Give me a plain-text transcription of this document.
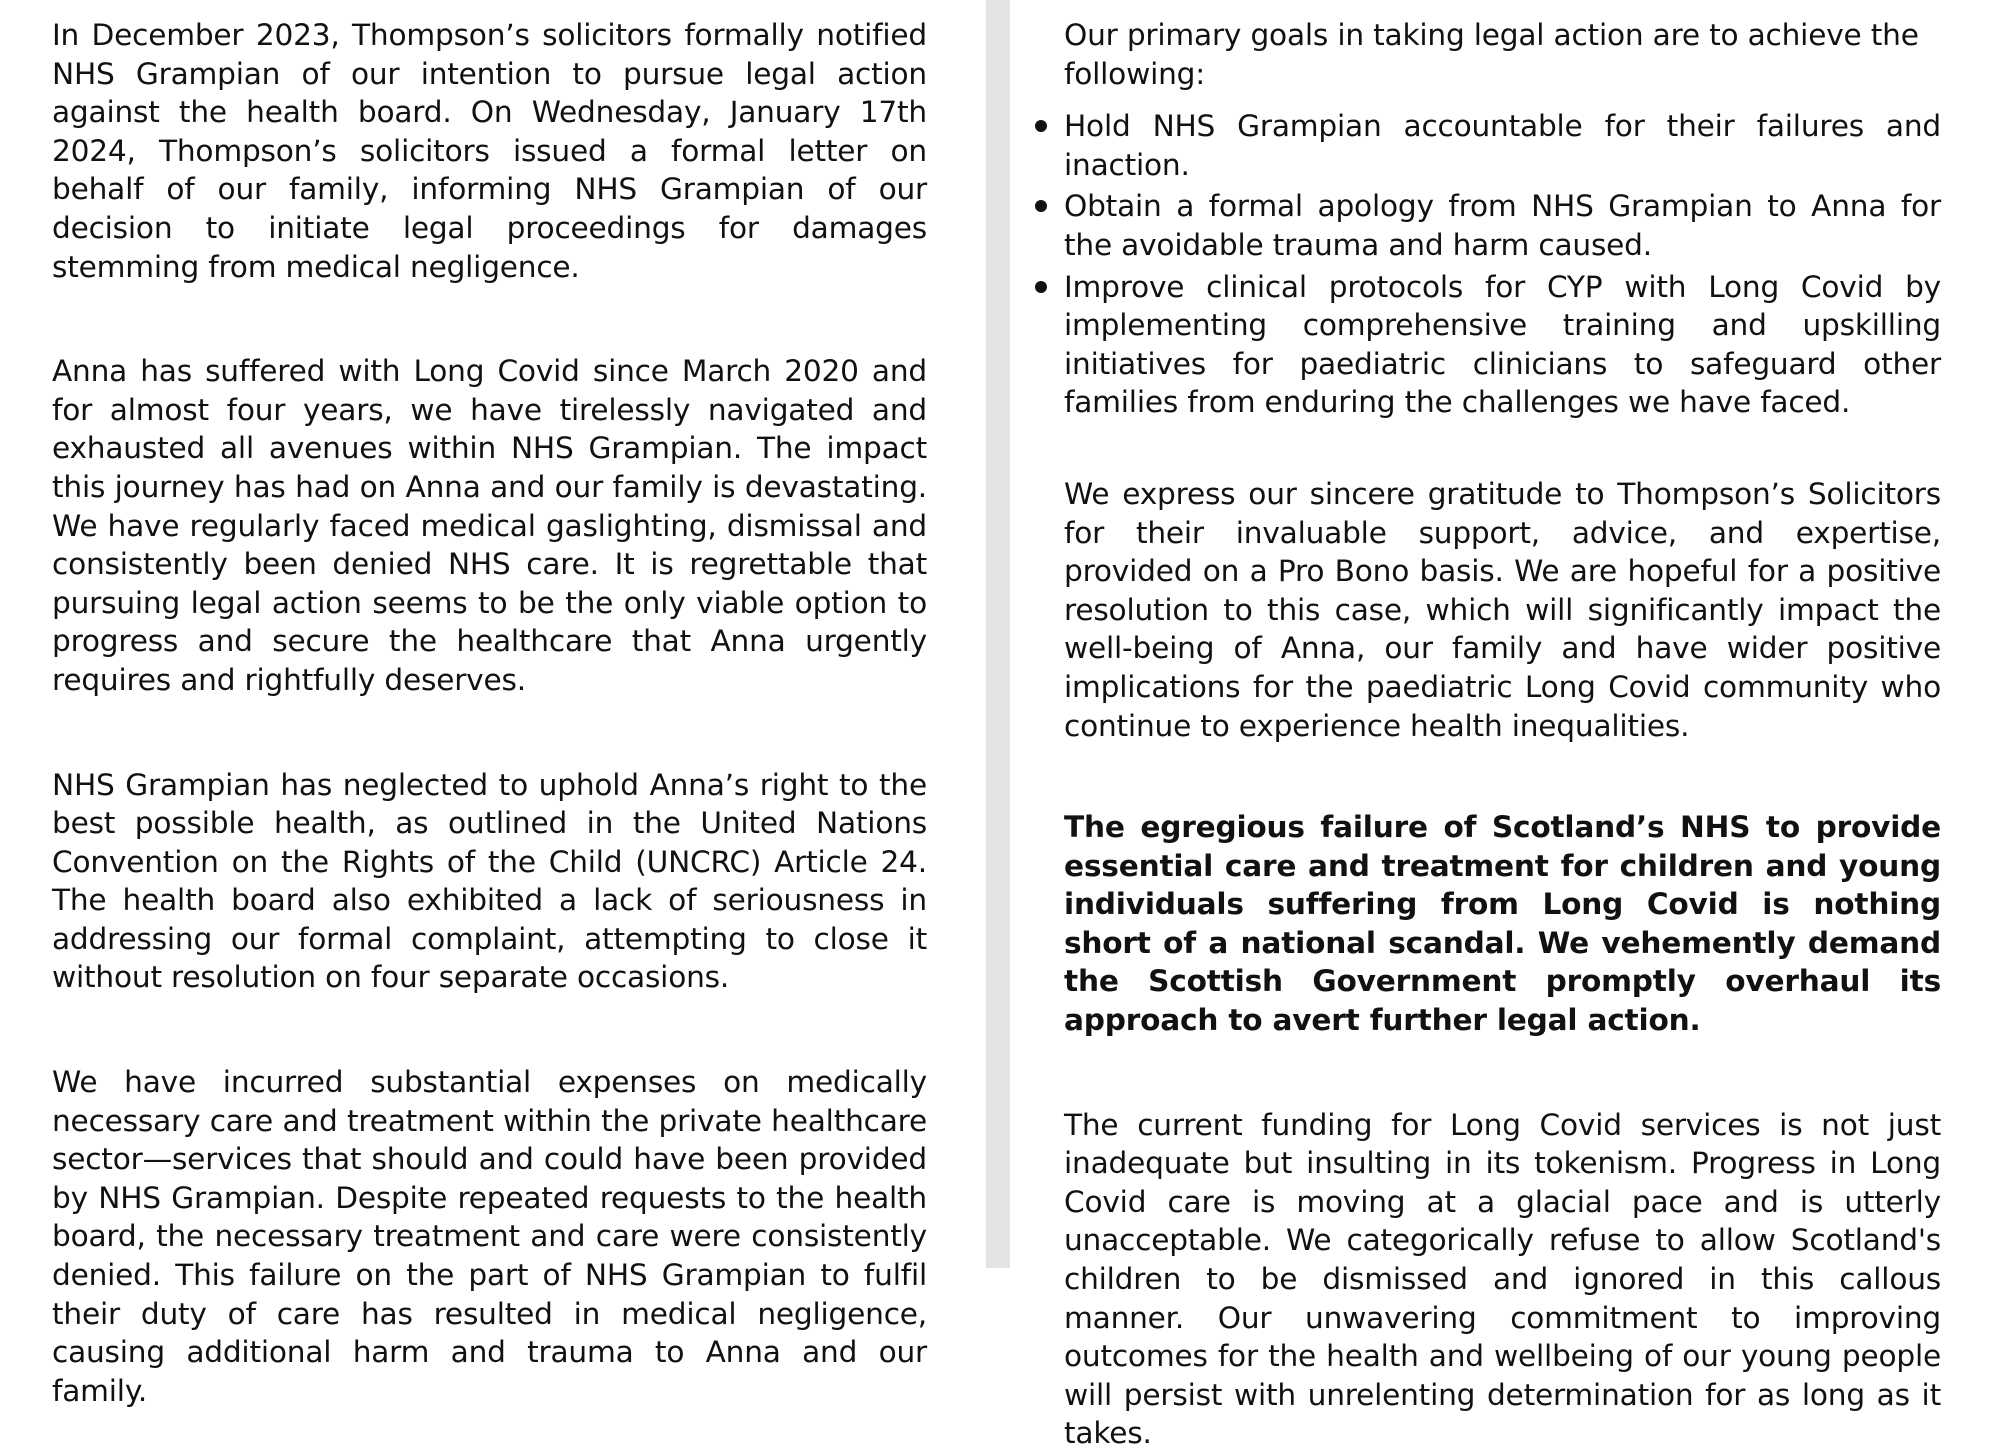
In December 2023, Thompson’s solicitors formally notified NHS Grampian of our intention to pursue legal action against the health board. On Wednesday, January 17th 2024, Thompson’s solicitors issued a formal letter on behalf of our family, informing NHS Grampian of our decision to initiate legal proceedings for damages stemming from medical negligence.

Anna has suffered with Long Covid since March 2020 and for almost four years, we have tirelessly navigated and exhausted all avenues within NHS Grampian. The impact this journey has had on Anna and our family is devastating. We have regularly faced medical gaslighting, dismissal and consistently been denied NHS care. It is regrettable that pursuing legal action seems to be the only viable option to progress and secure the healthcare that Anna urgently requires and rightfully deserves.

NHS Grampian has neglected to uphold Anna’s right to the best possible health, as outlined in the United Nations Convention on the Rights of the Child (UNCRC) Article 24. The health board also exhibited a lack of seriousness in addressing our formal complaint, attempting to close it without resolution on four separate occasions.

We have incurred substantial expenses on medically necessary care and treatment within the private healthcare sector—services that should and could have been provided by NHS Grampian. Despite repeated requests to the health board, the necessary treatment and care were consistently denied. This failure on the part of NHS Grampian to fulfil their duty of care has resulted in medical negligence, causing additional harm and trauma to Anna and our family.

Our primary goals in taking legal action are to achieve the following:

Hold NHS Grampian accountable for their failures and inaction.
Obtain a formal apology from NHS Grampian to Anna for the avoidable trauma and harm caused.
Improve clinical protocols for CYP with Long Covid by implementing comprehensive training and upskilling initiatives for paediatric clinicians to safeguard other families from enduring the challenges we have faced.

We express our sincere gratitude to Thompson’s Solicitors for their invaluable support, advice, and expertise, provided on a Pro Bono basis. We are hopeful for a positive resolution to this case, which will significantly impact the well-being of Anna, our family and have wider positive implications for the paediatric Long Covid community who continue to experience health inequalities.

The egregious failure of Scotland’s NHS to provide essential care and treatment for children and young individuals suffering from Long Covid is nothing short of a national scandal. We vehemently demand the Scottish Government promptly overhaul its approach to avert further legal action.

The current funding for Long Covid services is not just inadequate but insulting in its tokenism. Progress in Long Covid care is moving at a glacial pace and is utterly unacceptable. We categorically refuse to allow Scotland's children to be dismissed and ignored in this callous manner. Our unwavering commitment to improving outcomes for the health and wellbeing of our young people will persist with unrelenting determination for as long as it takes.
